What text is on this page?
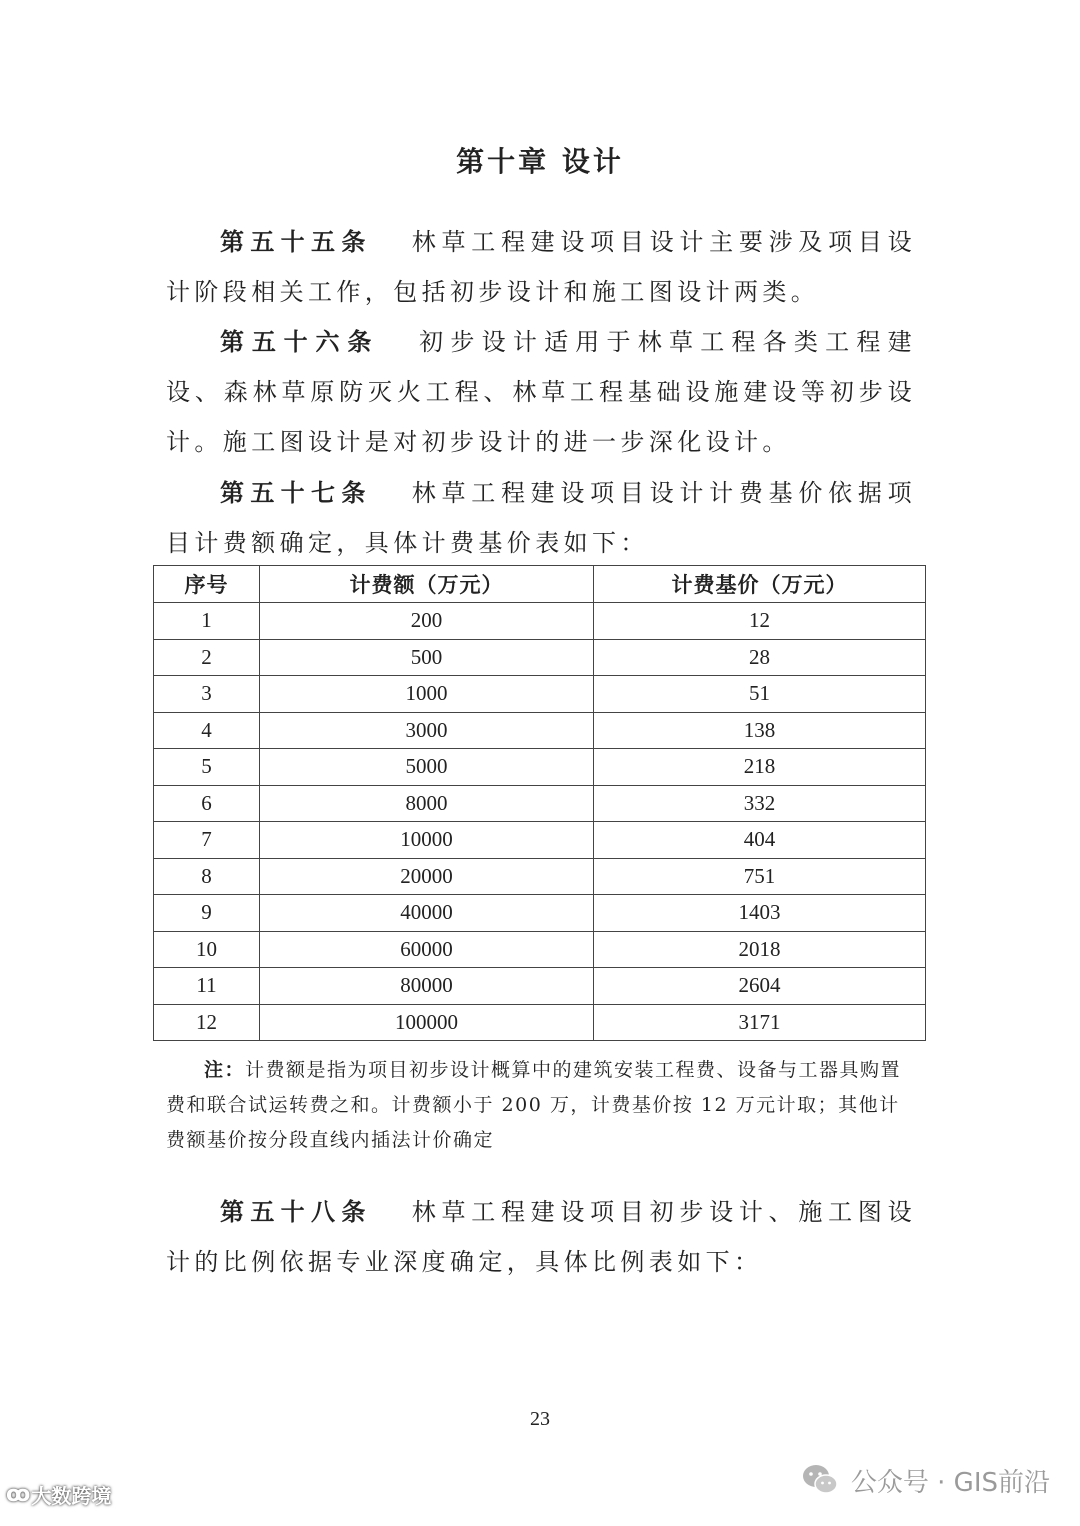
第十章 设计

第五十五条 林草工程建设项目设计主要涉及项目设计阶段相关工作，包括初步设计和施工图设计两类。

第五十六条 初步设计适用于林草工程各类工程建设、森林草原防灭火工程、林草工程基础设施建设等初步设计。施工图设计是对初步设计的进一步深化设计。

第五十七条 林草工程建设项目设计计费基价依据项目计费额确定，具体计费基价表如下：

序号	计费额（万元）	计费基价（万元）
1	200	12
2	500	28
3	1000	51
4	3000	138
5	5000	218
6	8000	332
7	10000	404
8	20000	751
9	40000	1403
10	60000	2018
11	80000	2604
12	100000	3171

注：计费额是指为项目初步设计概算中的建筑安装工程费、设备与工器具购置费和联合试运转费之和。计费额小于 200 万，计费基价按 12 万元计取；其他计费额基价按分段直线内插法计价确定

第五十八条 林草工程建设项目初步设计、施工图设计的比例依据专业深度确定，具体比例表如下：

23
ꝏ 大数跨境	公众号 · GIS前沿
